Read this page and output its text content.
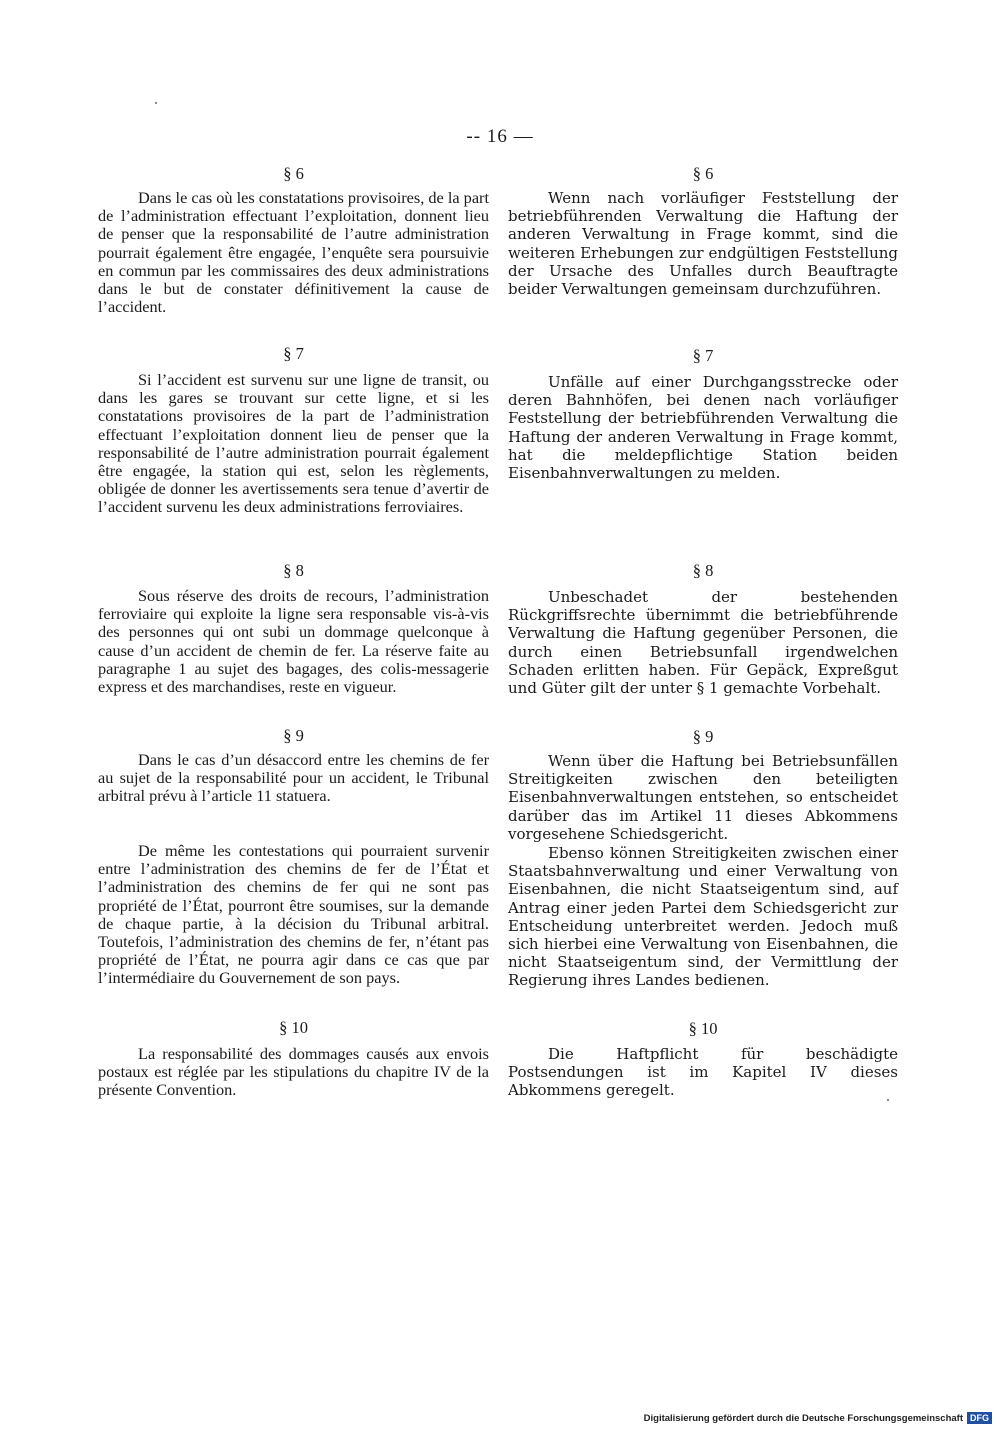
-- 16 —
§ 6

Dans le cas où les constatations provisoires, de la part de l’administration effectuant l’exploitation, donnent lieu de penser que la responsabilité de l’autre administration pourrait également être engagée, l’enquête sera poursuivie en commun par les commissaires des deux administrations dans le but de constater définitivement la cause de l’accident.

§ 7

Si l’accident est survenu sur une ligne de transit, ou dans les gares se trouvant sur cette ligne, et si les constatations provisoires de la part de l’administration effectuant l’exploitation donnent lieu de penser que la responsabilité de l’autre administration pourrait également être engagée, la station qui est, selon les règlements, obligée de donner les avertissements sera tenue d’avertir de l’accident survenu les deux administrations ferroviaires.

§ 8

Sous réserve des droits de recours, l’administration ferroviaire qui exploite la ligne sera responsable vis-à-vis des personnes qui ont subi un dommage quelconque à cause d’un accident de chemin de fer. La réserve faite au paragraphe 1 au sujet des bagages, des colis-messagerie express et des marchandises, reste en vigueur.

§ 9

Dans le cas d’un désaccord entre les chemins de fer au sujet de la responsabilité pour un accident, le Tribunal arbitral prévu à l’article 11 statuera.

De même les contestations qui pourraient survenir entre l’administration des chemins de fer de l’État et l’administration des chemins de fer qui ne sont pas propriété de l’État, pourront être soumises, sur la demande de chaque partie, à la décision du Tribunal arbitral. Toutefois, l’administration des chemins de fer, n’étant pas propriété de l’État, ne pourra agir dans ce cas que par l’intermédiaire du Gouvernement de son pays.

§ 10

La responsabilité des dommages causés aux envois postaux est réglée par les stipulations du chapitre IV de la présente Convention.

§ 6

Wenn nach vorläufiger Feststellung der betriebführenden Verwaltung die Haftung der anderen Verwaltung in Frage kommt, sind die weiteren Erhebungen zur endgültigen Feststellung der Ursache des Unfalles durch Beauftragte beider Verwaltungen gemeinsam durchzuführen.

§ 7

Unfälle auf einer Durchgangsstrecke oder deren Bahnhöfen, bei denen nach vorläufiger Feststellung der betriebführenden Verwaltung die Haftung der anderen Verwaltung in Frage kommt, hat die meldepflichtige Station beiden Eisenbahnverwaltungen zu melden.

§ 8

Unbeschadet der bestehenden Rückgriffsrechte übernimmt die betriebführende Verwaltung die Haftung gegenüber Personen, die durch einen Betriebsunfall irgendwelchen Schaden erlitten haben. Für Gepäck, Expreßgut und Güter gilt der unter § 1 gemachte Vorbehalt.

§ 9

Wenn über die Haftung bei Betriebsunfällen Streitigkeiten zwischen den beteiligten Eisenbahnverwaltungen entstehen, so entscheidet darüber das im Artikel 11 dieses Abkommens vorgesehene Schiedsgericht.

Ebenso können Streitigkeiten zwischen einer Staatsbahnverwaltung und einer Verwaltung von Eisenbahnen, die nicht Staatseigentum sind, auf Antrag einer jeden Partei dem Schiedsgericht zur Entscheidung unterbreitet werden. Jedoch muß sich hierbei eine Verwaltung von Eisenbahnen, die nicht Staatseigentum sind, der Vermittlung der Regierung ihres Landes bedienen.

§ 10

Die Haftpflicht für beschädigte Postsendungen ist im Kapitel IV dieses Abkommens geregelt.

Digitalisierung gefördert durch die Deutsche Forschungsgemeinschaft DFG
